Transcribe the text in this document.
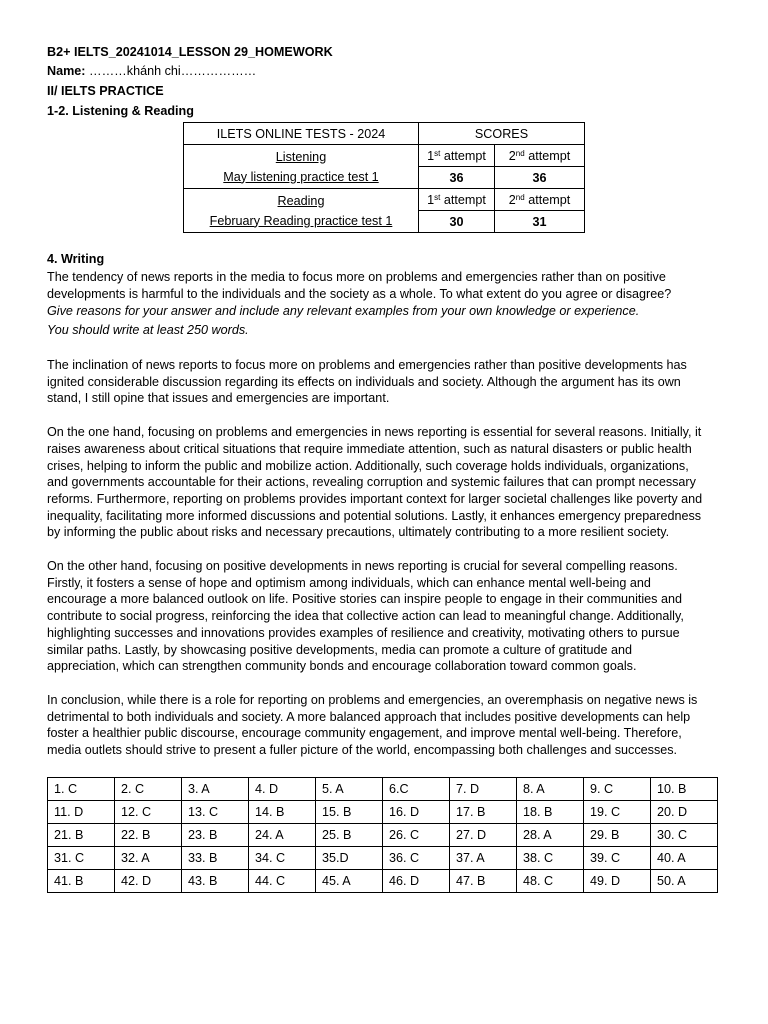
B2+ IELTS_20241014_LESSON 29_HOMEWORK
Name: ………khánh chi………………
II/ IELTS PRACTICE
1-2. Listening & Reading
ILETS ONLINE TESTS - 2024	SCORES	

Listening
May listening practice test 1	1st attempt	2nd attempt
	36	36

Reading
February Reading practice test 1	1st attempt	2nd attempt
	30	31
4. Writing
The tendency of news reports in the media to focus more on problems and emergencies rather than on positive
developments is harmful to the individuals and the society as a whole. To what extent do you agree or disagree?
Give reasons for your answer and include any relevant examples from your own knowledge or experience.
You should write at least 250 words.
The inclination of news reports to focus more on problems and emergencies rather than positive developments has
ignited considerable discussion regarding its effects on individuals and society. Although the argument has its own
stand, I still opine that issues and emergencies are important.
On the one hand, focusing on problems and emergencies in news reporting is essential for several reasons. Initially, it
raises awareness about critical situations that require immediate attention, such as natural disasters or public health
crises, helping to inform the public and mobilize action. Additionally, such coverage holds individuals, organizations,
and governments accountable for their actions, revealing corruption and systemic failures that can prompt necessary
reforms. Furthermore, reporting on problems provides important context for larger societal challenges like poverty and
inequality, facilitating more informed discussions and potential solutions. Lastly, it enhances emergency preparedness
by informing the public about risks and necessary precautions, ultimately contributing to a more resilient society.
On the other hand, focusing on positive developments in news reporting is crucial for several compelling reasons.
Firstly, it fosters a sense of hope and optimism among individuals, which can enhance mental well-being and
encourage a more balanced outlook on life. Positive stories can inspire people to engage in their communities and
contribute to social progress, reinforcing the idea that collective action can lead to meaningful change. Additionally,
highlighting successes and innovations provides examples of resilience and creativity, motivating others to pursue
similar paths. Lastly, by showcasing positive developments, media can promote a culture of gratitude and
appreciation, which can strengthen community bonds and encourage collaboration toward common goals.
In conclusion, while there is a role for reporting on problems and emergencies, an overemphasis on negative news is
detrimental to both individuals and society. A more balanced approach that includes positive developments can help
foster a healthier public discourse, encourage community engagement, and improve mental well-being. Therefore,
media outlets should strive to present a fuller picture of the world, encompassing both challenges and successes.
1. C	2. C	3. A	4. D	5. A	6.C	7. D	8. A	9. C	10. B
11. D	12. C	13. C	14. B	15. B	16. D	17. B	18. B	19. C	20. D
21. B	22. B	23. B	24. A	25. B	26. C	27. D	28. A	29. B	30. C
31. C	32. A	33. B	34. C	35.D	36. C	37. A	38. C	39. C	40. A
41. B	42. D	43. B	44. C	45. A	46. D	47. B	48. C	49. D	50. A
